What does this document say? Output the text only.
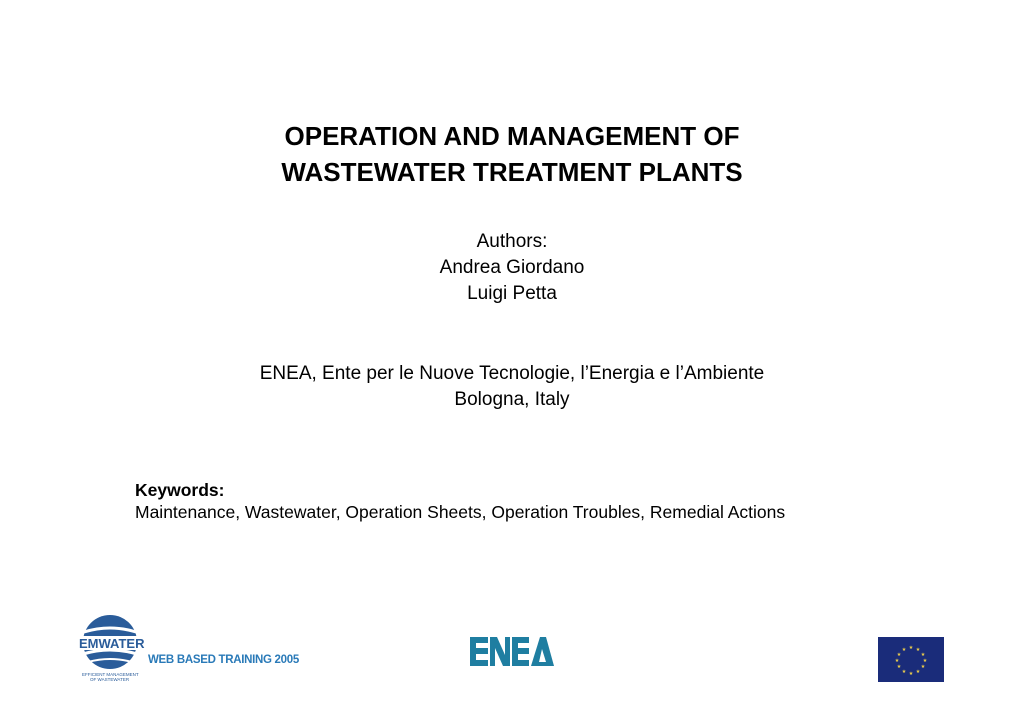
OPERATION AND MANAGEMENT OF
WASTEWATER TREATMENT PLANTS
Authors:
Andrea Giordano
Luigi Petta
ENEA, Ente per le Nuove Tecnologie, l’Energia e l’Ambiente
Bologna, Italy
Keywords:
Maintenance, Wastewater, Operation Sheets, Operation Troubles, Remedial Actions
EMWATER
EFFICIENT MANAGEMENT
OF WASTEWATER
WEB BASED TRAINING 2005
★ ★
★
★
★
★
★
★
★
★
★
★
